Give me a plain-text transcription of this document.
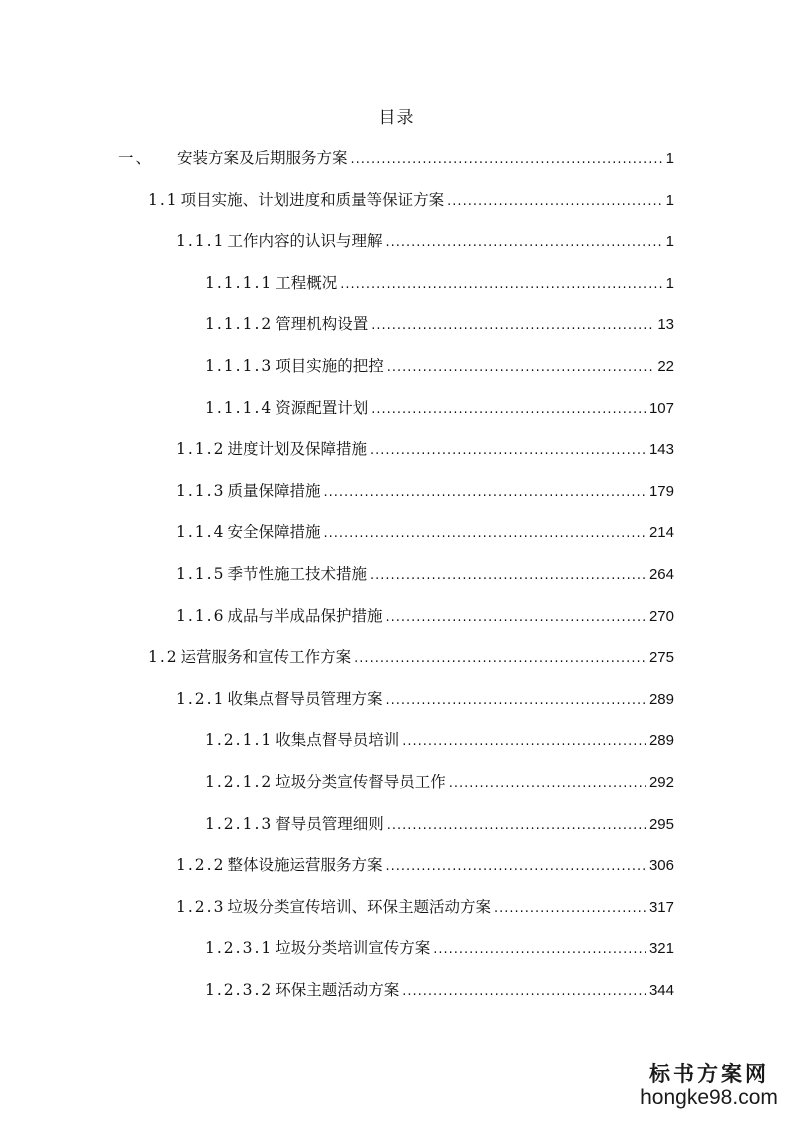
目录
一、 安装方案及后期服务方案 .....	1
1.1 项目实施、计划进度和质量等保证方案 .....	1
1.1.1 工作内容的认识与理解 .....	1
1.1.1.1 工程概况 .....	1
1.1.1.2 管理机构设置 .....	13
1.1.1.3 项目实施的把控 .....	22
1.1.1.4 资源配置计划 .....	107
1.1.2 进度计划及保障措施 .....	143
1.1.3 质量保障措施 .....	179
1.1.4 安全保障措施 .....	214
1.1.5 季节性施工技术措施 .....	264
1.1.6 成品与半成品保护措施 .....	270
1.2 运营服务和宣传工作方案 .....	275
1.2.1 收集点督导员管理方案 .....	289
1.2.1.1 收集点督导员培训 .....	289
1.2.1.2 垃圾分类宣传督导员工作 .....	292
1.2.1.3 督导员管理细则 .....	295
1.2.2 整体设施运营服务方案 .....	306
1.2.3 垃圾分类宣传培训、环保主题活动方案 .....	317
1.2.3.1 垃圾分类培训宣传方案 .....	321
1.2.3.2 环保主题活动方案 .....	344
标书方案网
hongke98.com
